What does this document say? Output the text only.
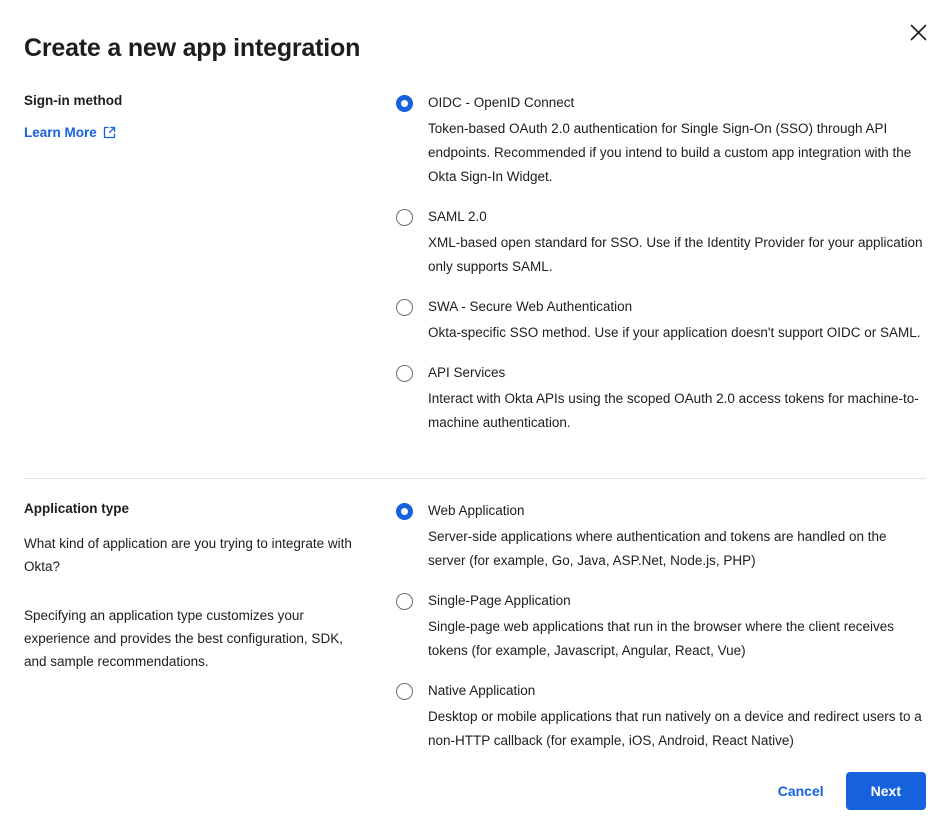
Create a new app integration

Sign-in method

Learn More

OIDC - OpenID Connect

Token-based OAuth 2.0 authentication for Single Sign-On (SSO) through API endpoints. Recommended if you intend to build a custom app integration with the Okta Sign-In Widget.

SAML 2.0

XML-based open standard for SSO. Use if the Identity Provider for your application only supports SAML.

SWA - Secure Web Authentication

Okta-specific SSO method. Use if your application doesn't support OIDC or SAML.

API Services

Interact with Okta APIs using the scoped OAuth 2.0 access tokens for machine-to-machine authentication.

Application type

What kind of application are you trying to integrate with Okta?

Specifying an application type customizes your experience and provides the best configuration, SDK, and sample recommendations.

Web Application

Server-side applications where authentication and tokens are handled on the server (for example, Go, Java, ASP.Net, Node.js, PHP)

Single-Page Application

Single-page web applications that run in the browser where the client receives tokens (for example, Javascript, Angular, React, Vue)

Native Application

Desktop or mobile applications that run natively on a device and redirect users to a non-HTTP callback (for example, iOS, Android, React Native)

Cancel	Next
